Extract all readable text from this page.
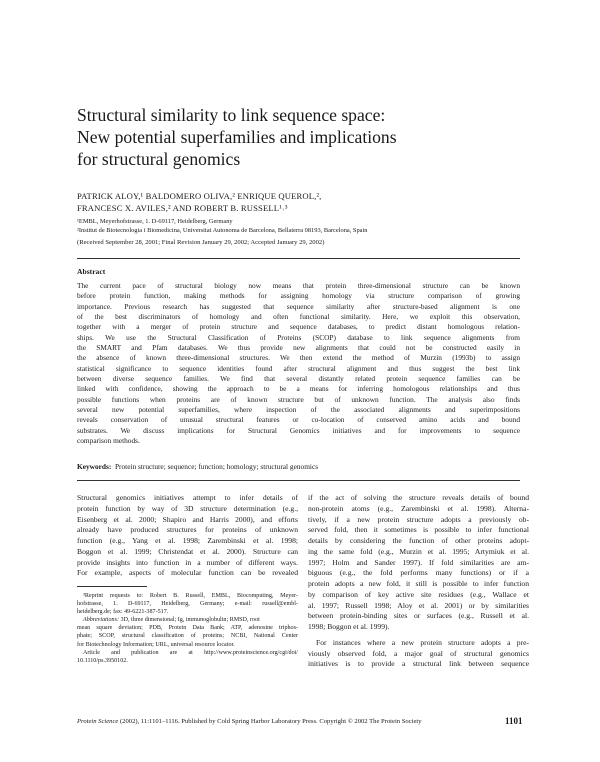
Structural similarity to link sequence space:
New potential superfamilies and implications
for structural genomics
PATRICK ALOY,¹ BALDOMERO OLIVA,² ENRIQUE QUEROL,²,
FRANCESC X. AVILES,² AND ROBERT B. RUSSELL¹˒³
¹EMBL, Meyerhofstrasse, 1. D-69117, Heidelberg, Germany
²Institut de Biotecnologia i Biomedicina, Universitat Autonoma de Barcelona, Bellaterra 08193, Barcelona, Spain
(Received September 28, 2001; Final Revision January 29, 2002; Accepted January 29, 2002)
Abstract
The current pace of structural biology now means that protein three-dimensional structure can be known
before protein function, making methods for assigning homology via structure comparison of growing
importance. Previous research has suggested that sequence similarity after structure-based alignment is one
of the best discriminators of homology and often functional similarity. Here, we exploit this observation,
together with a merger of protein structure and sequence databases, to predict distant homologous relation-
ships. We use the Structural Classification of Proteins (SCOP) database to link sequence alignments from
the SMART and Pfam databases. We thus provide new alignments that could not be constructed easily in
the absence of known three-dimensional structures. We then extend the method of Murzin (1993b) to assign
statistical significance to sequence identities found after structural alignment and thus suggest the best link
between diverse sequence families. We find that several distantly related protein sequence families can be
linked with confidence, showing the approach to be a means for inferring homologous relationships and thus
possible functions when proteins are of known structure but of unknown function. The analysis also finds
several new potential superfamilies, where inspection of the associated alignments and superimpositions
reveals conservation of unusual structural features or co-location of conserved amino acids and bound
substrates. We discuss implications for Structural Genomics initiatives and for improvements to sequence
comparison methods.
Keywords: Protein structure; sequence; function; homology; structural genomics
Structural genomics initiatives attempt to infer details of
protein function by way of 3D structure determination (e.g.,
Eisenberg et al. 2000; Shapiro and Harris 2000), and efforts
already have produced structures for proteins of unknown
function (e.g., Yang et al. 1998; Zarembinski et al. 1998;
Boggon et al. 1999; Christendat et al. 2000). Structure can
provide insights into function in a number of different ways.
For example, aspects of molecular function can be revealed
if the act of solving the structure reveals details of bound
non-protein atoms (e.g., Zarembinski et al. 1998). Alterna-
tively, if a new protein structure adopts a previously ob-
served fold, then it sometimes is possible to infer functional
details by considering the function of other proteins adopt-
ing the same fold (e.g., Murzin et al. 1995; Artymiuk et al.
1997; Holm and Sander 1997). If fold similarities are am-
biguous (e.g., the fold performs many functions) or if a
protein adopts a new fold, it still is possible to infer function
by comparison of key active site residues (e.g., Wallace et
al. 1997; Russell 1998; Aloy et al. 2001) or by similarities
between protein-binding sites or surfaces (e.g., Russell et al.
1998; Boggon et al. 1999).
For instances where a new protein structure adopts a pre-
viously observed fold, a major goal of structural genomics
initiatives is to provide a structural link between sequence
³Reprint requests to: Robert B. Russell, EMBL, Biocomputing, Meyer-
hofstrasse, 1. D-69117, Heidelberg, Germany; e-mail: russell@embl-
heidelberg.de; fax: 49-6221-387-517.
Abbreviations: 3D, three dimensional; Ig, immunoglobulin; RMSD, root
mean square deviation; PDB, Protein Data Bank; ATP, adenosine triphos-
phate; SCOP, structural classification of proteins; NCBI, National Center
for Biotechnology Information; URL, universal resource locator.
Article and publication are at http://www.proteinscience.org/cgi/doi/
10.1110/ps.3950102.
Protein Science (2002), 11:1101–1116. Published by Cold Spring Harbor Laboratory Press. Copyright © 2002 The Protein Society	1101
